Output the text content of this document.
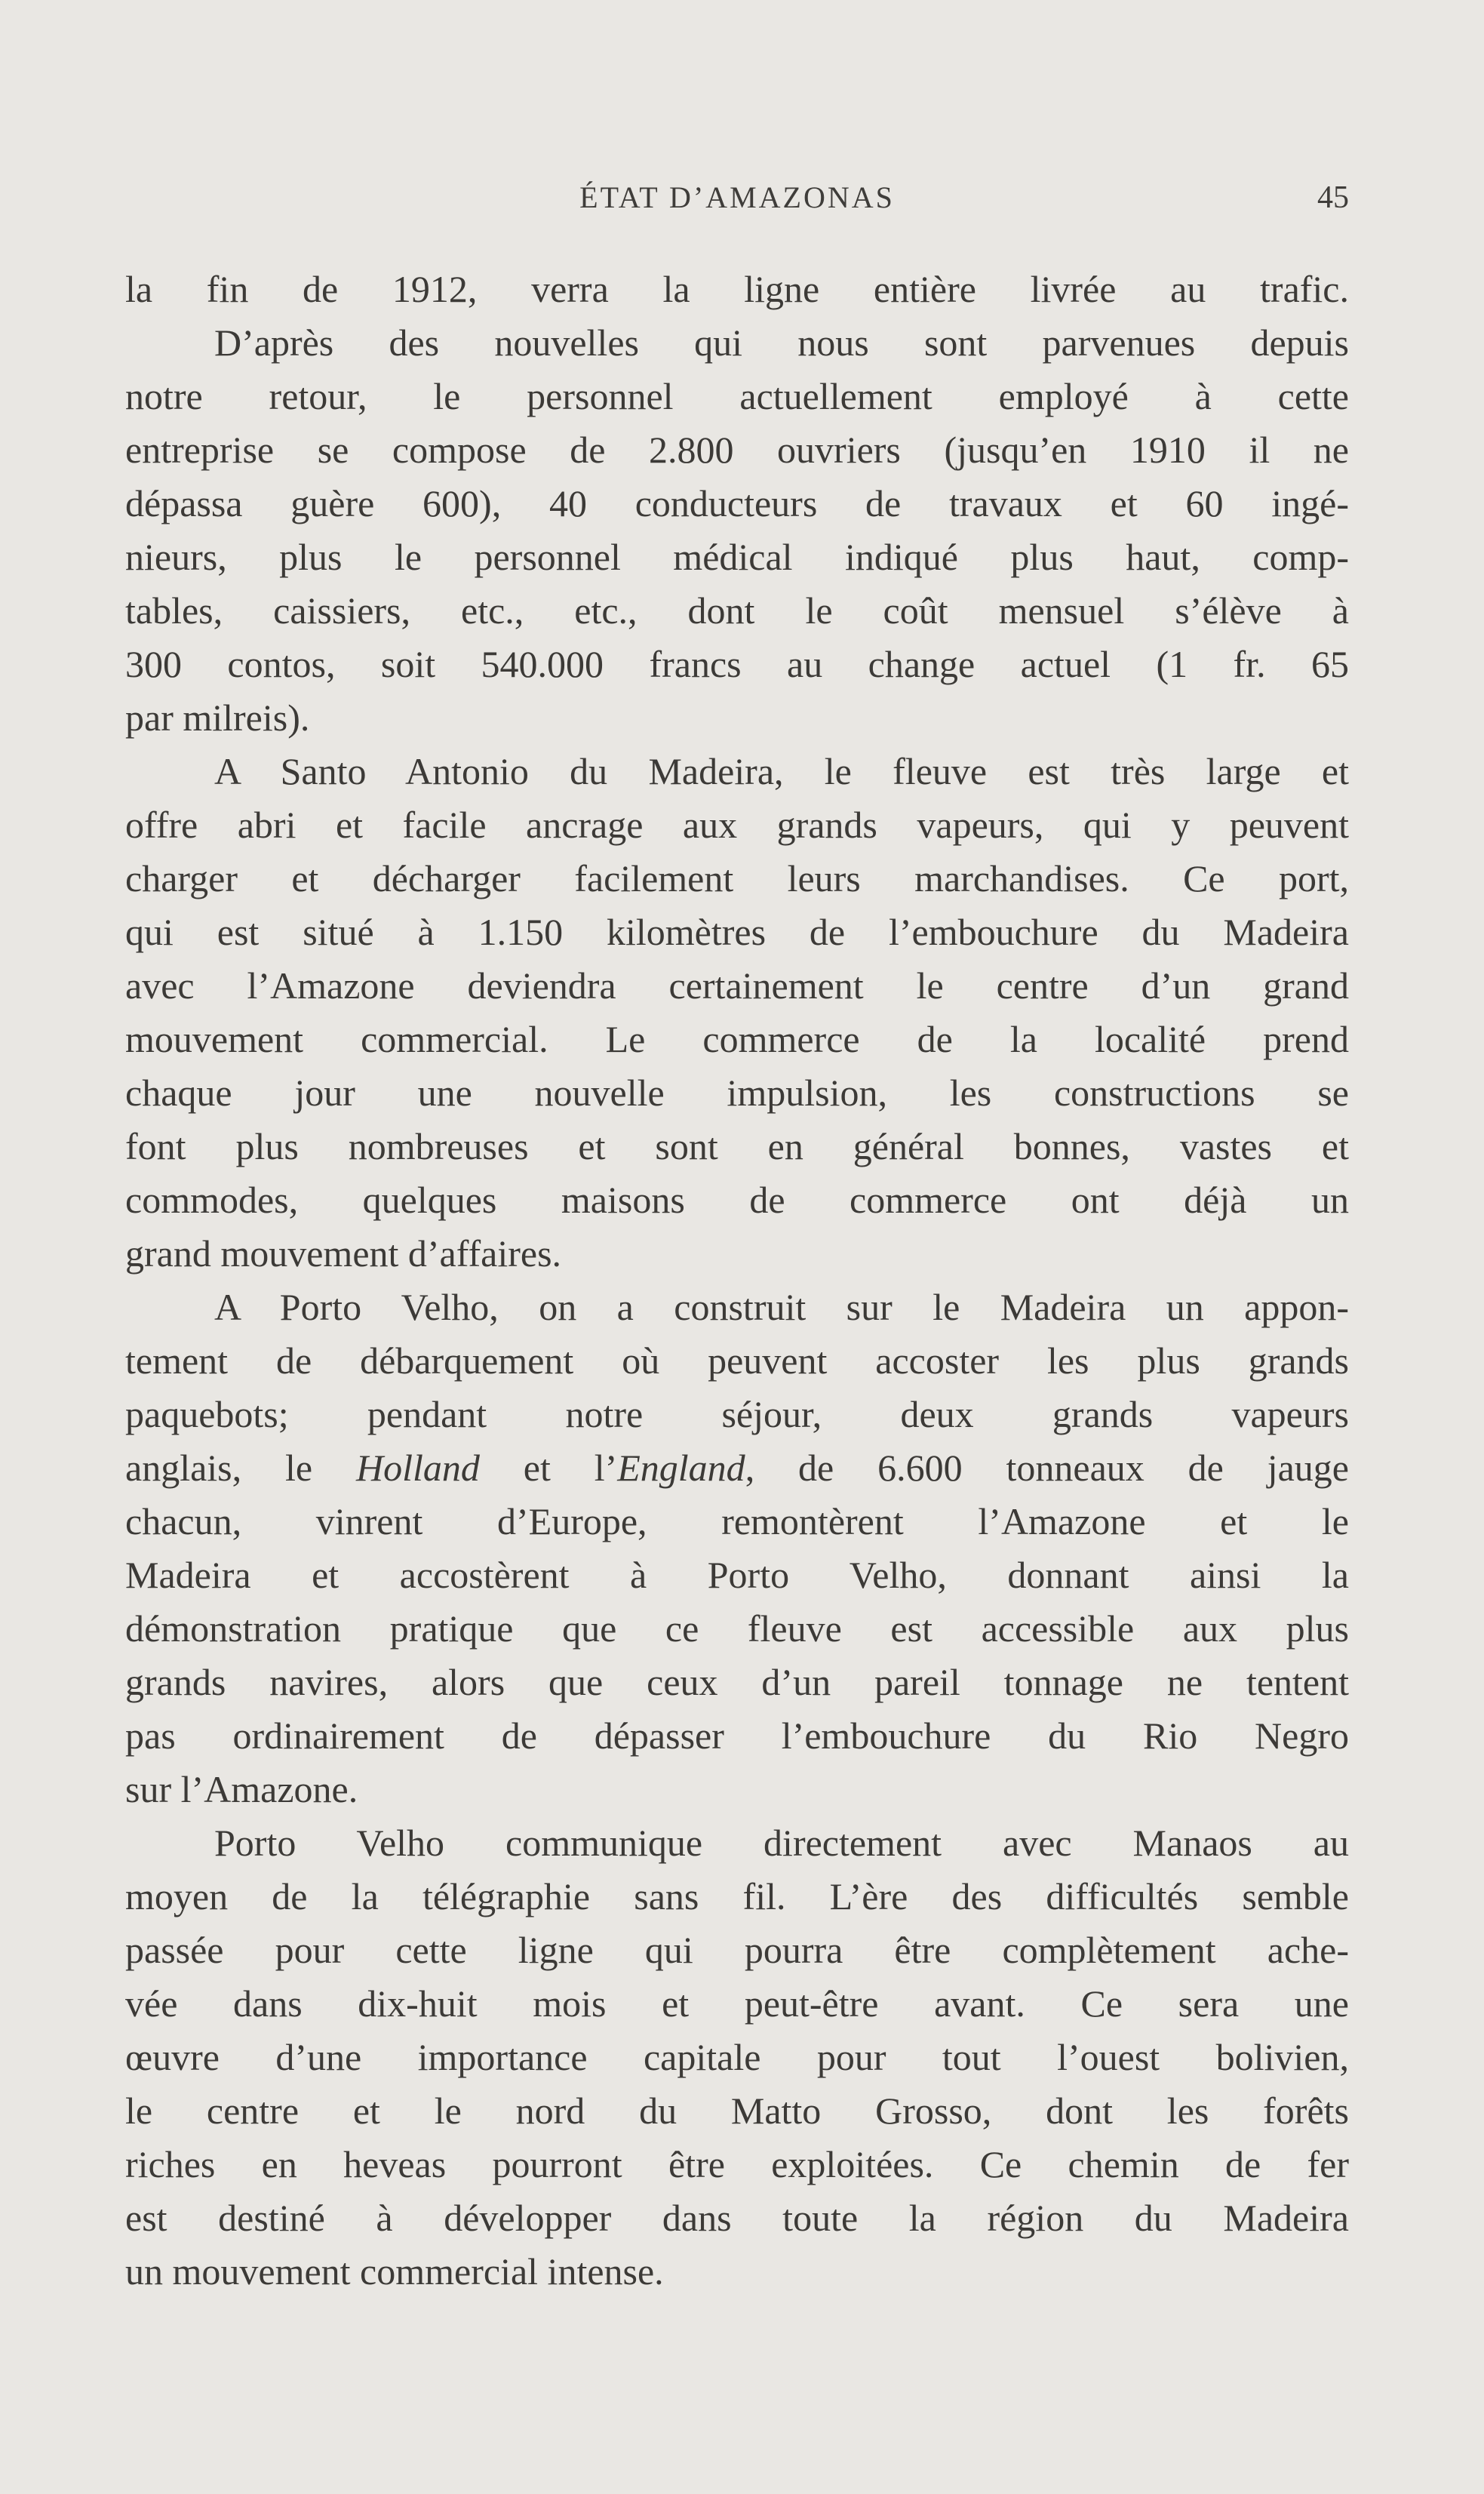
ÉTAT D’AMAZONAS	45
la fin de 1912, verra la ligne entière livrée au trafic.
D’après des nouvelles qui nous sont parvenues depuis
notre retour, le personnel actuellement employé à cette
entreprise se compose de 2.800 ouvriers (jusqu’en 1910 il ne
dépassa guère 600), 40 conducteurs de travaux et 60 ingé-
nieurs, plus le personnel médical indiqué plus haut, comp-
tables, caissiers, etc., etc., dont le coût mensuel s’élève à
300 contos, soit 540.000 francs au change actuel (1 fr. 65
par milreis).
A Santo Antonio du Madeira, le fleuve est très large et
offre abri et facile ancrage aux grands vapeurs, qui y peuvent
charger et décharger facilement leurs marchandises. Ce port,
qui est situé à 1.150 kilomètres de l’embouchure du Madeira
avec l’Amazone deviendra certainement le centre d’un grand
mouvement commercial. Le commerce de la localité prend
chaque jour une nouvelle impulsion, les constructions se
font plus nombreuses et sont en général bonnes, vastes et
commodes, quelques maisons de commerce ont déjà un
grand mouvement d’affaires.
A Porto Velho, on a construit sur le Madeira un appon-
tement de débarquement où peuvent accoster les plus grands
paquebots; pendant notre séjour, deux grands vapeurs
anglais, le Holland et l’England, de 6.600 tonneaux de jauge
chacun, vinrent d’Europe, remontèrent l’Amazone et le
Madeira et accostèrent à Porto Velho, donnant ainsi la
démonstration pratique que ce fleuve est accessible aux plus
grands navires, alors que ceux d’un pareil tonnage ne tentent
pas ordinairement de dépasser l’embouchure du Rio Negro
sur l’Amazone.
Porto Velho communique directement avec Manaos au
moyen de la télégraphie sans fil. L’ère des difficultés semble
passée pour cette ligne qui pourra être complètement ache-
vée dans dix-huit mois et peut-être avant. Ce sera une
œuvre d’une importance capitale pour tout l’ouest bolivien,
le centre et le nord du Matto Grosso, dont les forêts
riches en heveas pourront être exploitées. Ce chemin de fer
est destiné à développer dans toute la région du Madeira
un mouvement commercial intense.
